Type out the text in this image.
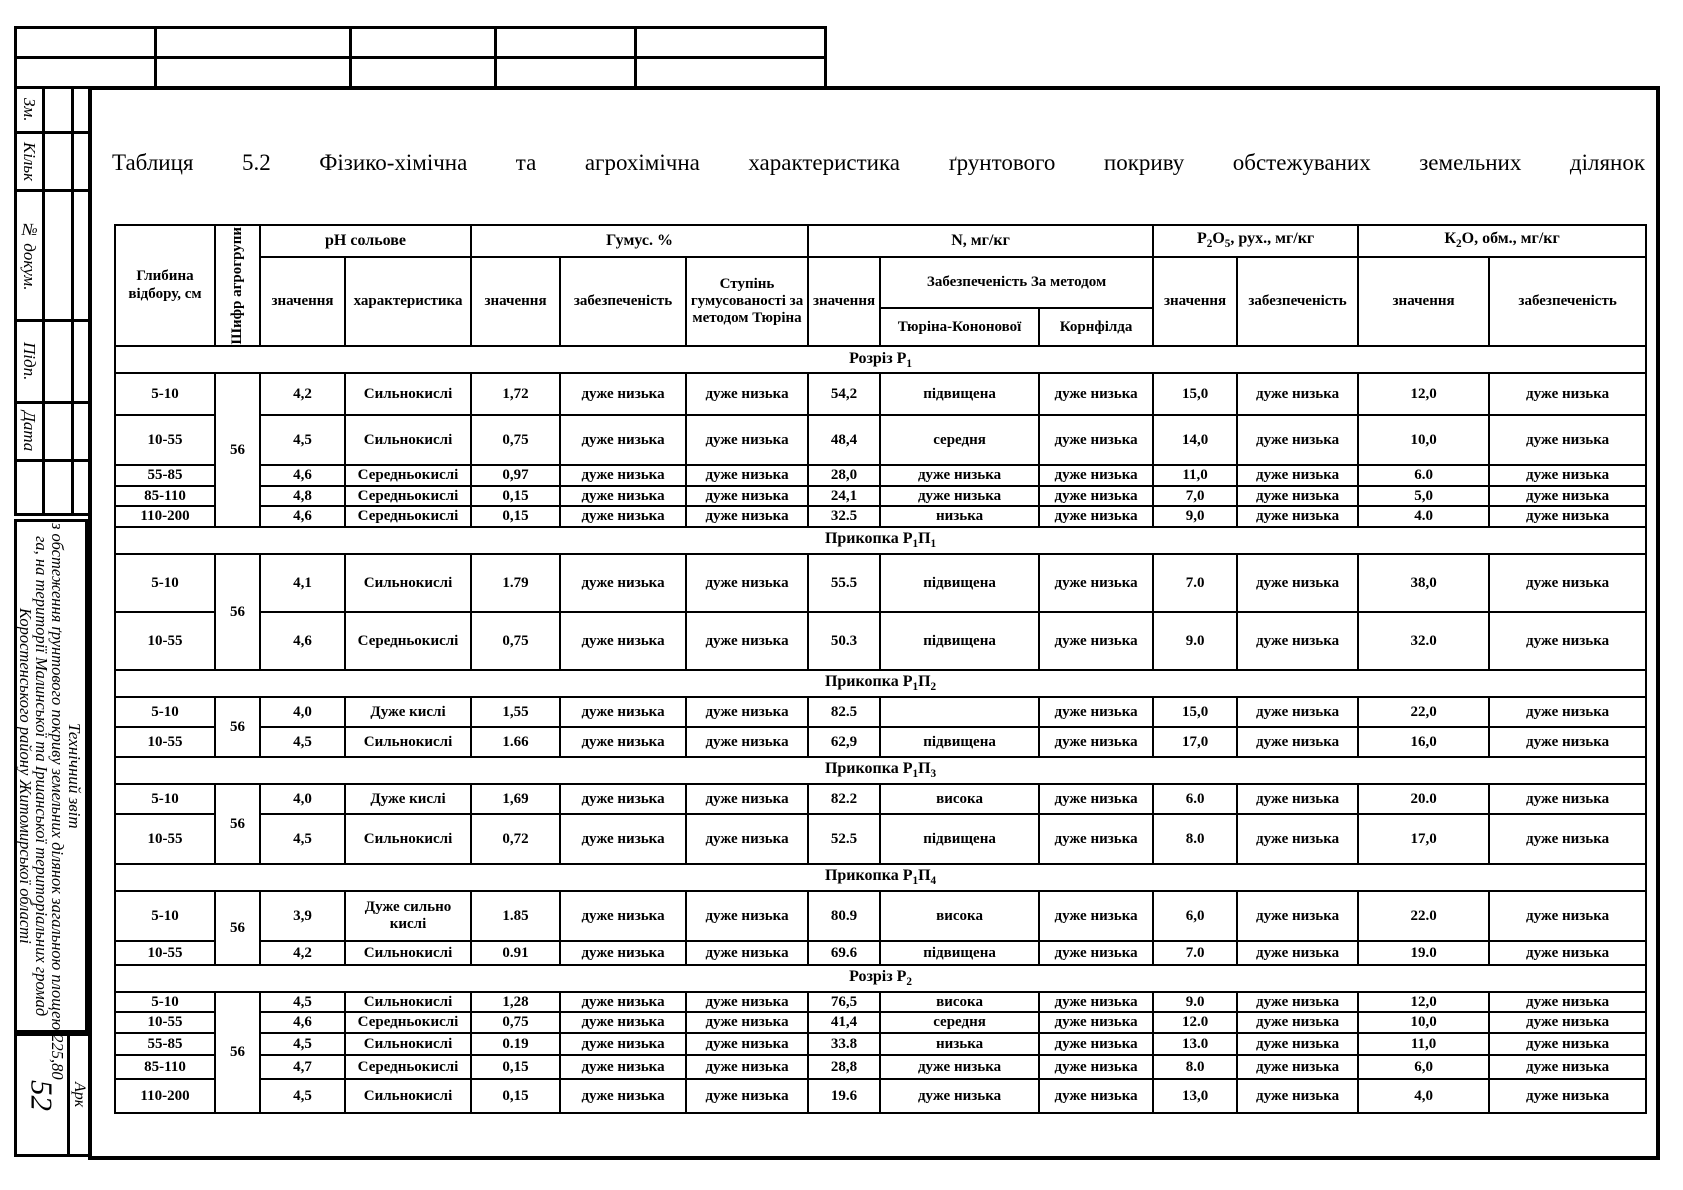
Зм.		

Кільк		

№ докум.		

Підп.		

Дата		

Технічний звіт
з обстеження ґрунтового покриву земельних ділянок загальною площею 225,80
га, на території Малинської та Іршанської територіальних громад
Коростенського району Житомирської області
52	Арк
Таблиця 5.2 Фізико-хімічна та агрохімічна характеристика ґрунтового покриву обстежуваних земельних ділянок
Глибина відбору, см	Шифр агрогрупи	рН сольове		Гумус. %			N, мг/кг			$P_2O_5$, рух., мг/кг		$К_2О$, обм., мг/кг	
		значення	характеристика	значення	забезпеченість	Ступінь гумусованості за методом Тюріна	значення	Забезпеченість За методом		значення	забезпеченість	значення	забезпеченість
								Тюріна-Кононової	Корнфілда				
Розріз $Р_1$
5-10	56	4,2	Сильнокислі	1,72	дуже низька	дуже низька	54,2	підвищена	дуже низька	15,0	дуже низька	12,0	дуже низька
10-55		4,5	Сильнокислі	0,75	дуже низька	дуже низька	48,4	середня	дуже низька	14,0	дуже низька	10,0	дуже низька
55-85		4,6	Середньокислі	0,97	дуже низька	дуже низька	28,0	дуже низька	дуже низька	11,0	дуже низька	6.0	дуже низька
85-110		4,8	Середньокислі	0,15	дуже низька	дуже низька	24,1	дуже низька	дуже низька	7,0	дуже низька	5,0	дуже низька
110-200		4,6	Середньокислі	0,15	дуже низька	дуже низька	32.5	низька	дуже низька	9,0	дуже низька	4.0	дуже низька
Прикопка $Р_1П_1$
5-10	56	4,1	Сильнокислі	1.79	дуже низька	дуже низька	55.5	підвищена	дуже низька	7.0	дуже низька	38,0	дуже низька
10-55		4,6	Середньокислі	0,75	дуже низька	дуже низька	50.3	підвищена	дуже низька	9.0	дуже низька	32.0	дуже низька
Прикопка $Р_1П_2$
5-10	56	4,0	Дуже кислі	1,55	дуже низька	дуже низька	82.5		дуже низька	15,0	дуже низька	22,0	дуже низька
10-55		4,5	Сильнокислі	1.66	дуже низька	дуже низька	62,9	підвищена	дуже низька	17,0	дуже низька	16,0	дуже низька
Прикопка $Р_1П_3$
5-10	56	4,0	Дуже кислі	1,69	дуже низька	дуже низька	82.2	висока	дуже низька	6.0	дуже низька	20.0	дуже низька
10-55		4,5	Сильнокислі	0,72	дуже низька	дуже низька	52.5	підвищена	дуже низька	8.0	дуже низька	17,0	дуже низька
Прикопка $Р_1П_4$
5-10	56	3,9	Дуже сильно кислі	1.85	дуже низька	дуже низька	80.9	висока	дуже низька	6,0	дуже низька	22.0	дуже низька
10-55		4,2	Сильнокислі	0.91	дуже низька	дуже низька	69.6	підвищена	дуже низька	7.0	дуже низька	19.0	дуже низька
Розріз $Р_2$
5-10	56	4,5	Сильнокислі	1,28	дуже низька	дуже низька	76,5	висока	дуже низька	9.0	дуже низька	12,0	дуже низька
10-55		4,6	Середньокислі	0,75	дуже низька	дуже низька	41,4	середня	дуже низька	12.0	дуже низька	10,0	дуже низька
55-85		4,5	Сильнокислі	0.19	дуже низька	дуже низька	33.8	низька	дуже низька	13.0	дуже низька	11,0	дуже низька
85-110		4,7	Середньокислі	0,15	дуже низька	дуже низька	28,8	дуже низька	дуже низька	8.0	дуже низька	6,0	дуже низька
110-200		4,5	Сильнокислі	0,15	дуже низька	дуже низька	19.6	дуже низька	дуже низька	13,0	дуже низька	4,0	дуже низька
